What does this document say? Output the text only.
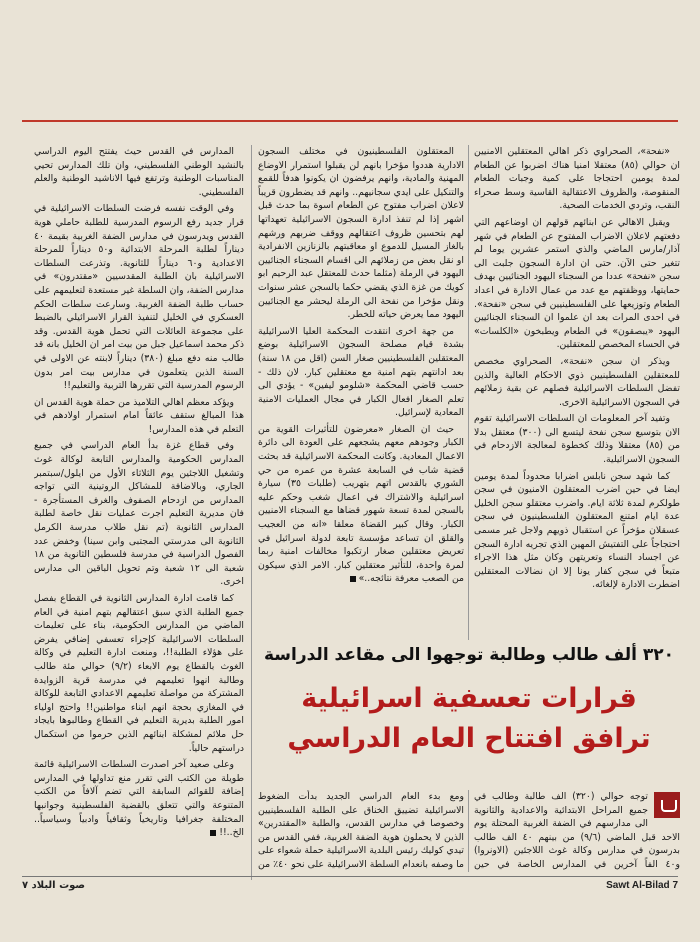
«نفحة»، الصحراوي ذكر اهالي المعتقلين الامنيين ان حوالي (٨٥) معتقلا امنيا هناك اضربوا عن الطعام لمدة يومين احتجاجا على كمية وجبات الطعام المنقوصة، والظروف الاعتقالية القاسية وسط صحراء النقب، وتردي الخدمات الصحية.

ويقبل الاهالي عن ابنائهم قولهم ان اوضاعهم التي دفعتهم لاعلان الاضراب المفتوح عن الطعام في شهر آذار/مارس الماضي والذي استمر عشرين يوما لم تتغير حتى الآن. حتى ان ادارة السجون جلبت الى سجن «نفحة» عددا من السجناء اليهود الجنائيين بهدف حمايتها، ووظفتهم مع عدد من عمال الادارة في اعداد الطعام وتوزيعها على الفلسطينيين في سجن «نفحة». في احدى المرات بعد ان علموا ان السجناء الجنائيين اليهود «يبصقون» في الطعام ويطبخون «الكلسات» في الحساء المخصص للمعتقلين.

ويذكر ان سجن «نفحة»، الصحراوي مخصص للمعتقلين الفلسطينيين ذوي الاحكام العالية والذين تفضل السلطات الاسرائيلية فصلهم عن بقية زملائهم في السجون الاسرائيلية الاخرى.

وتفيد آخر المعلومات ان السلطات الاسرائيلية تقوم الان بتوسيع سجن نفحة ليتسع الى (٣٠٠) معتقل بدلا من (٨٥) معتقلا وذلك كخطوة لمعالجة الازدحام في السجون الاسرائيلية.

كما شهد سجن نابلس اضرابا محدوداً لمدة يومين ايضا في حين اضرب المعتقلون الامنيون في سجن طولكرم لمدة ثلاثة ايام. واضرب معتقلو سجن الخليل عدة ايام امتنع المعتقلون الفلسطينيون في سجن عسقلان مؤخراً عن استقبال ذويهم ولاجل غير مسمى احتجاجاً على التفتيش المهين الذي تجريه ادارة السجن عن اجساد النساء وتعريتهن وكان مثل هذا الاجراء متبعاً في سجن كفار يونا إلا ان نضالات المعتقلين اضطرت الادارة لإلغائه.

المعتقلون الفلسطينيون في مختلف السجون الادارية هددوا مؤخرا بانهم لن يقبلوا استمرار الاوضاع المهنية والمادية، وانهم يرفضون ان يكونوا هدفاً للقمع والتنكيل على ايدي سجانيهم.. وانهم قد يضطرون قريباً لاعلان اضراب مفتوح عن الطعام اسوة بما حدث قبل اشهر إذا لم تنفذ ادارة السجون الاسرائيلية تعهداتها لهم بتحسين ظروف اعتقالهم ووقف ضربهم ورشهم بالغاز المسيل للدموع او معاقبتهم بالزنازين الانفرادية او نقل بعض من زملائهم الى اقسام السجناء الجنائيين اليهود في الرملة (مثلما حدث للمعتقل عبد الرحيم ابو كويك من غزة الذي يقضي حكما بالسجن عشر سنوات ونقل مؤخرا من نفحة الى الرملة ليحشر مع الجنائيين اليهود مما يعرض حياته للخطر.

من جهة اخرى انتقدت المحكمة العليا الاسرائيلية بشدة قيام مصلحة السجون الاسرائيلية بوضع المعتقلين الفلسطينيين صغار السن (اقل من ١٨ سنة) بعد ادانتهم بتهم امنية مع معتقلين كبار. لان ذلك - حسب قاضي المحكمة «شلومو ليفين» - يؤدي الى تعلم الصغار افعال الكبار في مجال العمليات الامنية المعادية لإسرائيل.

حيث ان الصغار «معرضون للتأثيرات القوية من الكبار وجودهم معهم يشجعهم على العودة الى دائرة الاعمال المعادية. وكانت المحكمة الاسرائيلية قد بحثت قضية شاب في السابعة عشرة من عمره من حي الشوري بالقدس اتهم بتهريب (طلبات ٣٥) سيارة اسرائيلية والاشتراك في اعمال شغب وحكم عليه بالسجن لمدة تسعة شهور قضاها مع السجناء الامنيين الكبار. وقال كبير القضاة معلقا «انه من العجيب والقلق ان تساعد مؤسسة تابعة لدولة اسرائيل في تعريض معتقلين صغار ارتكبوا مخالفات امنية ربما لمرة واحدة، للتأثير معتقلين كبار. الامر الذي سيكون من الصعب معرفة نتائجه..»

المدارس في القدس حيث يفتتح اليوم الدراسي بالنشيد الوطني الفلسطيني، وان تلك المدارس تحيي المناسبات الوطنية وترتفع فيها الاناشيد الوطنية والعلم الفلسطيني.

وفي الوقت نفسه فرضت السلطات الاسرائيلية في قرار جديد رفع الرسوم المدرسية للطلبة حاملي هوية القدس ويدرسون في مدارس الضفة الغربية بقيمة ٤٠ ديناراً لطلبة المرحلة الابتدائية و٥٠ ديناراً للمرحلة الاعدادية و٦٠ ديناراً للثانوية. وتذرعت السلطات الاسرائيلية بان الطلبة المقدسيين «مقتدرون» في مدارس الضفة، وان السلطة غير مستعدة لتعليمهم على حساب طلبة الضفة الغربية. وسارعت سلطات الحكم العسكري في الخليل لتنفيذ القرار الاسرائيلي بالضبط على مجموعة العائلات التي تحمل هوية القدس. وقد ذكر محمد اسماعيل جبل من بيت امر ان الخليل بانه قد طالب منه دفع مبلغ (٣٨٠) ديناراً لابنته عن الاولى في السنة الذين يتعلمون في مدارس بيت امر بدون الرسوم المدرسية التي تقررها التربية والتعليم!!

ويؤكد معظم اهالي التلاميذ من حملة هوية القدس ان هذا المبالغ ستقف عائقاً امام استمرار اولادهم في التعلم في هذه المدارس!

وفي قطاع غزة بدأ العام الدراسي في جميع المدارس الحكومية والمدارس التابعة لوكالة غوث وتشغيل اللاجئين يوم الثلاثاء الأول من ايلول/سبتمبر الجاري، وبالاضافة للمشاكل الروتينية التي تواجه المدارس من ازدحام الصفوف والغرف المستأجرة - فان مديرية التعليم اجرت عمليات نقل خاصة لطلبة المدارس الثانوية (تم نقل طلاب مدرسة الكرمل الثانوية الى مدرستي المجتبى وابن سينا) وخفض عدد الفصول الدراسية في مدرسة فلسطين الثانوية من ١٨ شعبة الى ١٢ شعبة وتم تحويل الباقين الى مدارس اخرى.

كما قامت ادارة المدارس الثانوية في القطاع بفصل جميع الطلبة الذي سبق اعتقالهم بتهم امنية في العام الماضي من المدارس الحكومية، بناء على تعليمات السلطات الاسرائيلية كإجراء تعسفي إضافي يفرض على هؤلاء الطلبة!!، ومنعت ادارة التعليم في وكالة الغوث بالقطاع يوم الابعاء (٩/٢) حوالي مئة طالب وطالبة انهوا تعليمهم في مدرسة قرية الزوايدة المشتركة من مواصلة تعليمهم الاعدادي التابعة للوكالة في المغازي بحجة انهم ابناء مواطنين!! واحتج اولياء امور الطلبة بديرية التعليم في القطاع وطالبوها بايجاد حل ملائم لمشكلة ابنائهم الذين حرموا من استكمال دراستهم حالياً.

وعلى صعيد آخر اصدرت السلطات الاسرائيلية قائمة طويلة من الكتب التي تقرر منع تداولها في المدارس إضافة للقوائم السابقة التي تضم آلافاً من الكتب المتنوعة والتي تتعلق بالقضية الفلسطينية وجوانبها المختلفة جغرافيا وتاريخياً وثقافياً وادبياً وسياسياً.. الخ..!!

٣٢٠ ألف طالب وطالبة توجهوا الى مقاعد الدراسة
قرارات تعسفية اسرائيلية
ترافق افتتاح العام الدراسي
توجه حوالي (٣٢٠) الف طالبة وطالب في جميع المراحل الابتدائية والاعدادية والثانوية الى مدارسهم في الضفة الغربية المحتلة يوم الاحد قبل الماضي (٩/٦) من بينهم ٤٠ الف طالب بدرسون في مدارس وكالة غوث اللاجئين (الاونروا) و٤٠ الفاً آخرين في المدارس الخاصة في حين
ومع بدء العام الدراسي الجديد بدأت الضغوط الاسرائيلية تضييق الخناق على الطلبة الفلسطينيين وخصوصا في مدارس القدس، والطلبة «المقتدرين» الذين لا يحملون هوية الضفة الغربية، ففي القدس من تيدي كوليك رئيس البلدية الاسرائيلية حملة شعواء على ما وصفه بانعدام السلطة الاسرائيلية على نحو ٤٠٪ من
Sawt Al-Bilad 7
صوت البلاد ٧
